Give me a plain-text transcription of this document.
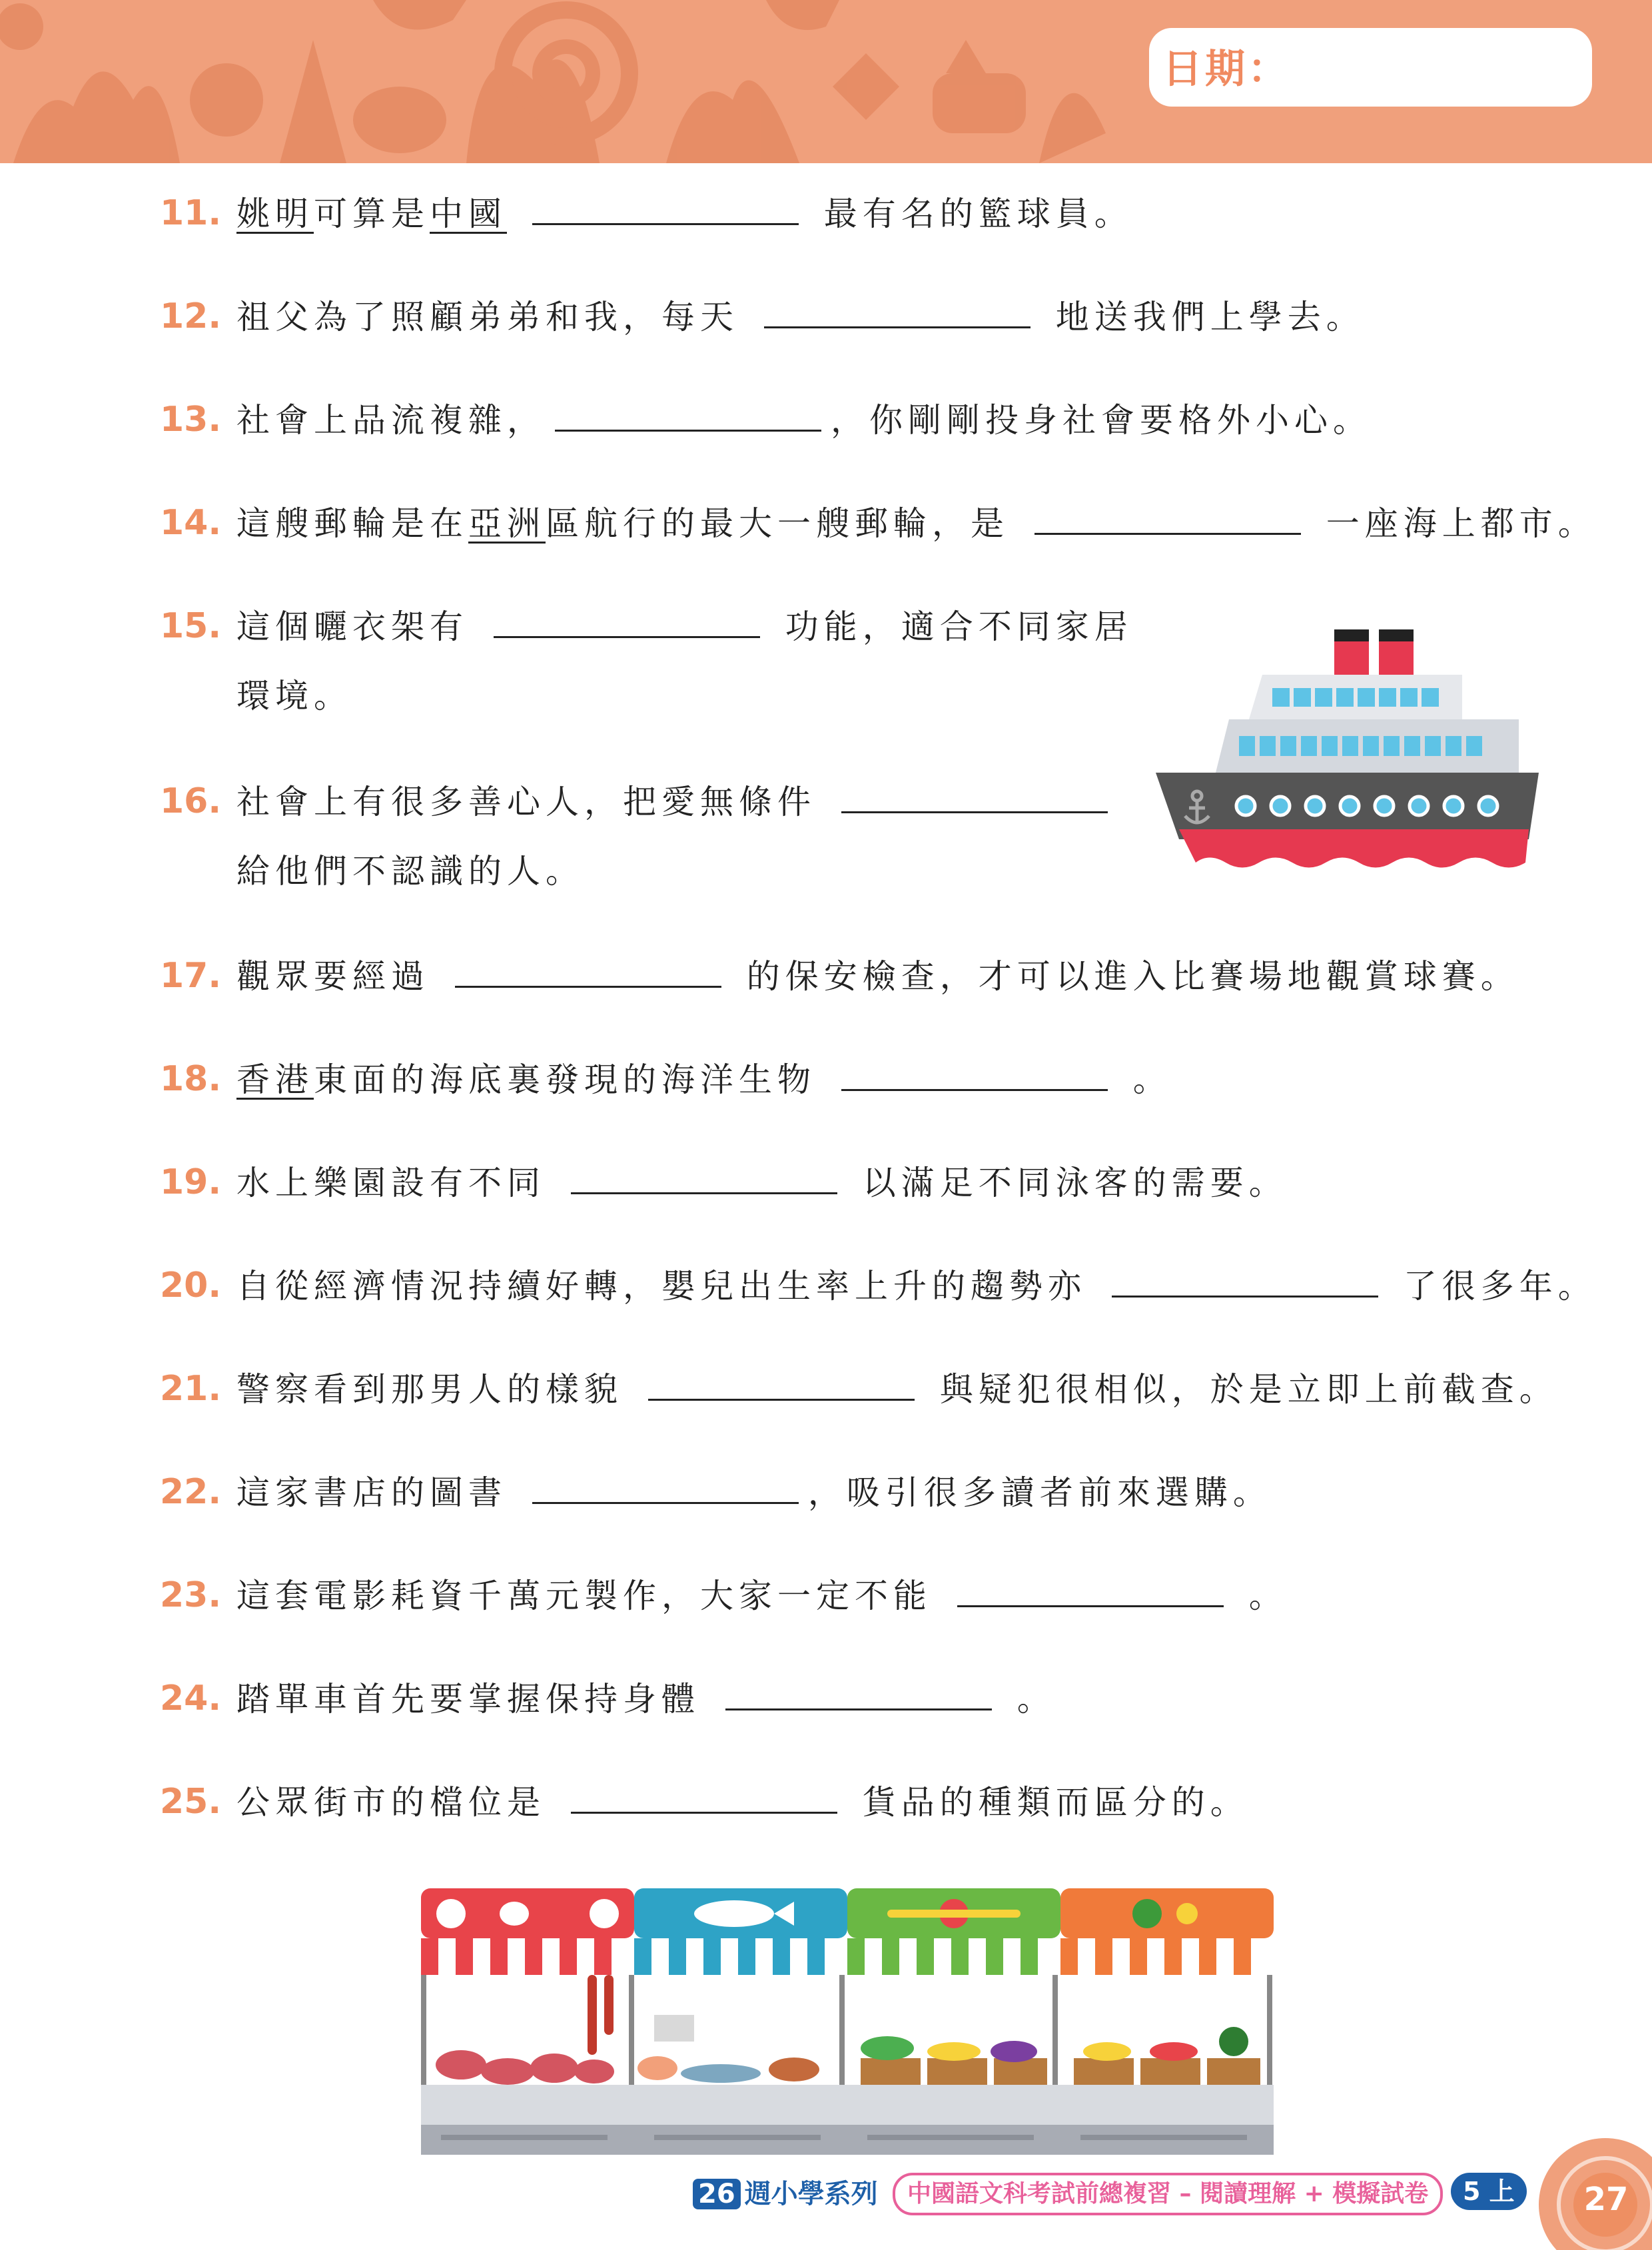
日期：
11. 姚明可算是中國	最有名的籃球員。
12. 祖父為了照顧弟弟和我，每天	地送我們上學去。
13. 社會上品流複雜，	，你剛剛投身社會要格外小心。
14. 這艘郵輪是在亞洲區航行的最大一艘郵輪，是	一座海上都市。
15. 這個曬衣架有	功能，適合不同家居
環境。
16. 社會上有很多善心人，把愛無條件
給他們不認識的人。
17. 觀眾要經過	的保安檢查，才可以進入比賽場地觀賞球賽。
18. 香港東面的海底裏發現的海洋生物	。
19. 水上樂園設有不同	以滿足不同泳客的需要。
20. 自從經濟情況持續好轉，嬰兒出生率上升的趨勢亦	了很多年。
21. 警察看到那男人的樣貌	與疑犯很相似，於是立即上前截查。
22. 這家書店的圖書	，吸引很多讀者前來選購。
23. 這套電影耗資千萬元製作，大家一定不能	。
24. 踏單車首先要掌握保持身體	。
25. 公眾街市的檔位是	貨品的種類而區分的。
26 週小學系列	中國語文科考試前總複習 – 閱讀理解 + 模擬試卷	5 上	27
